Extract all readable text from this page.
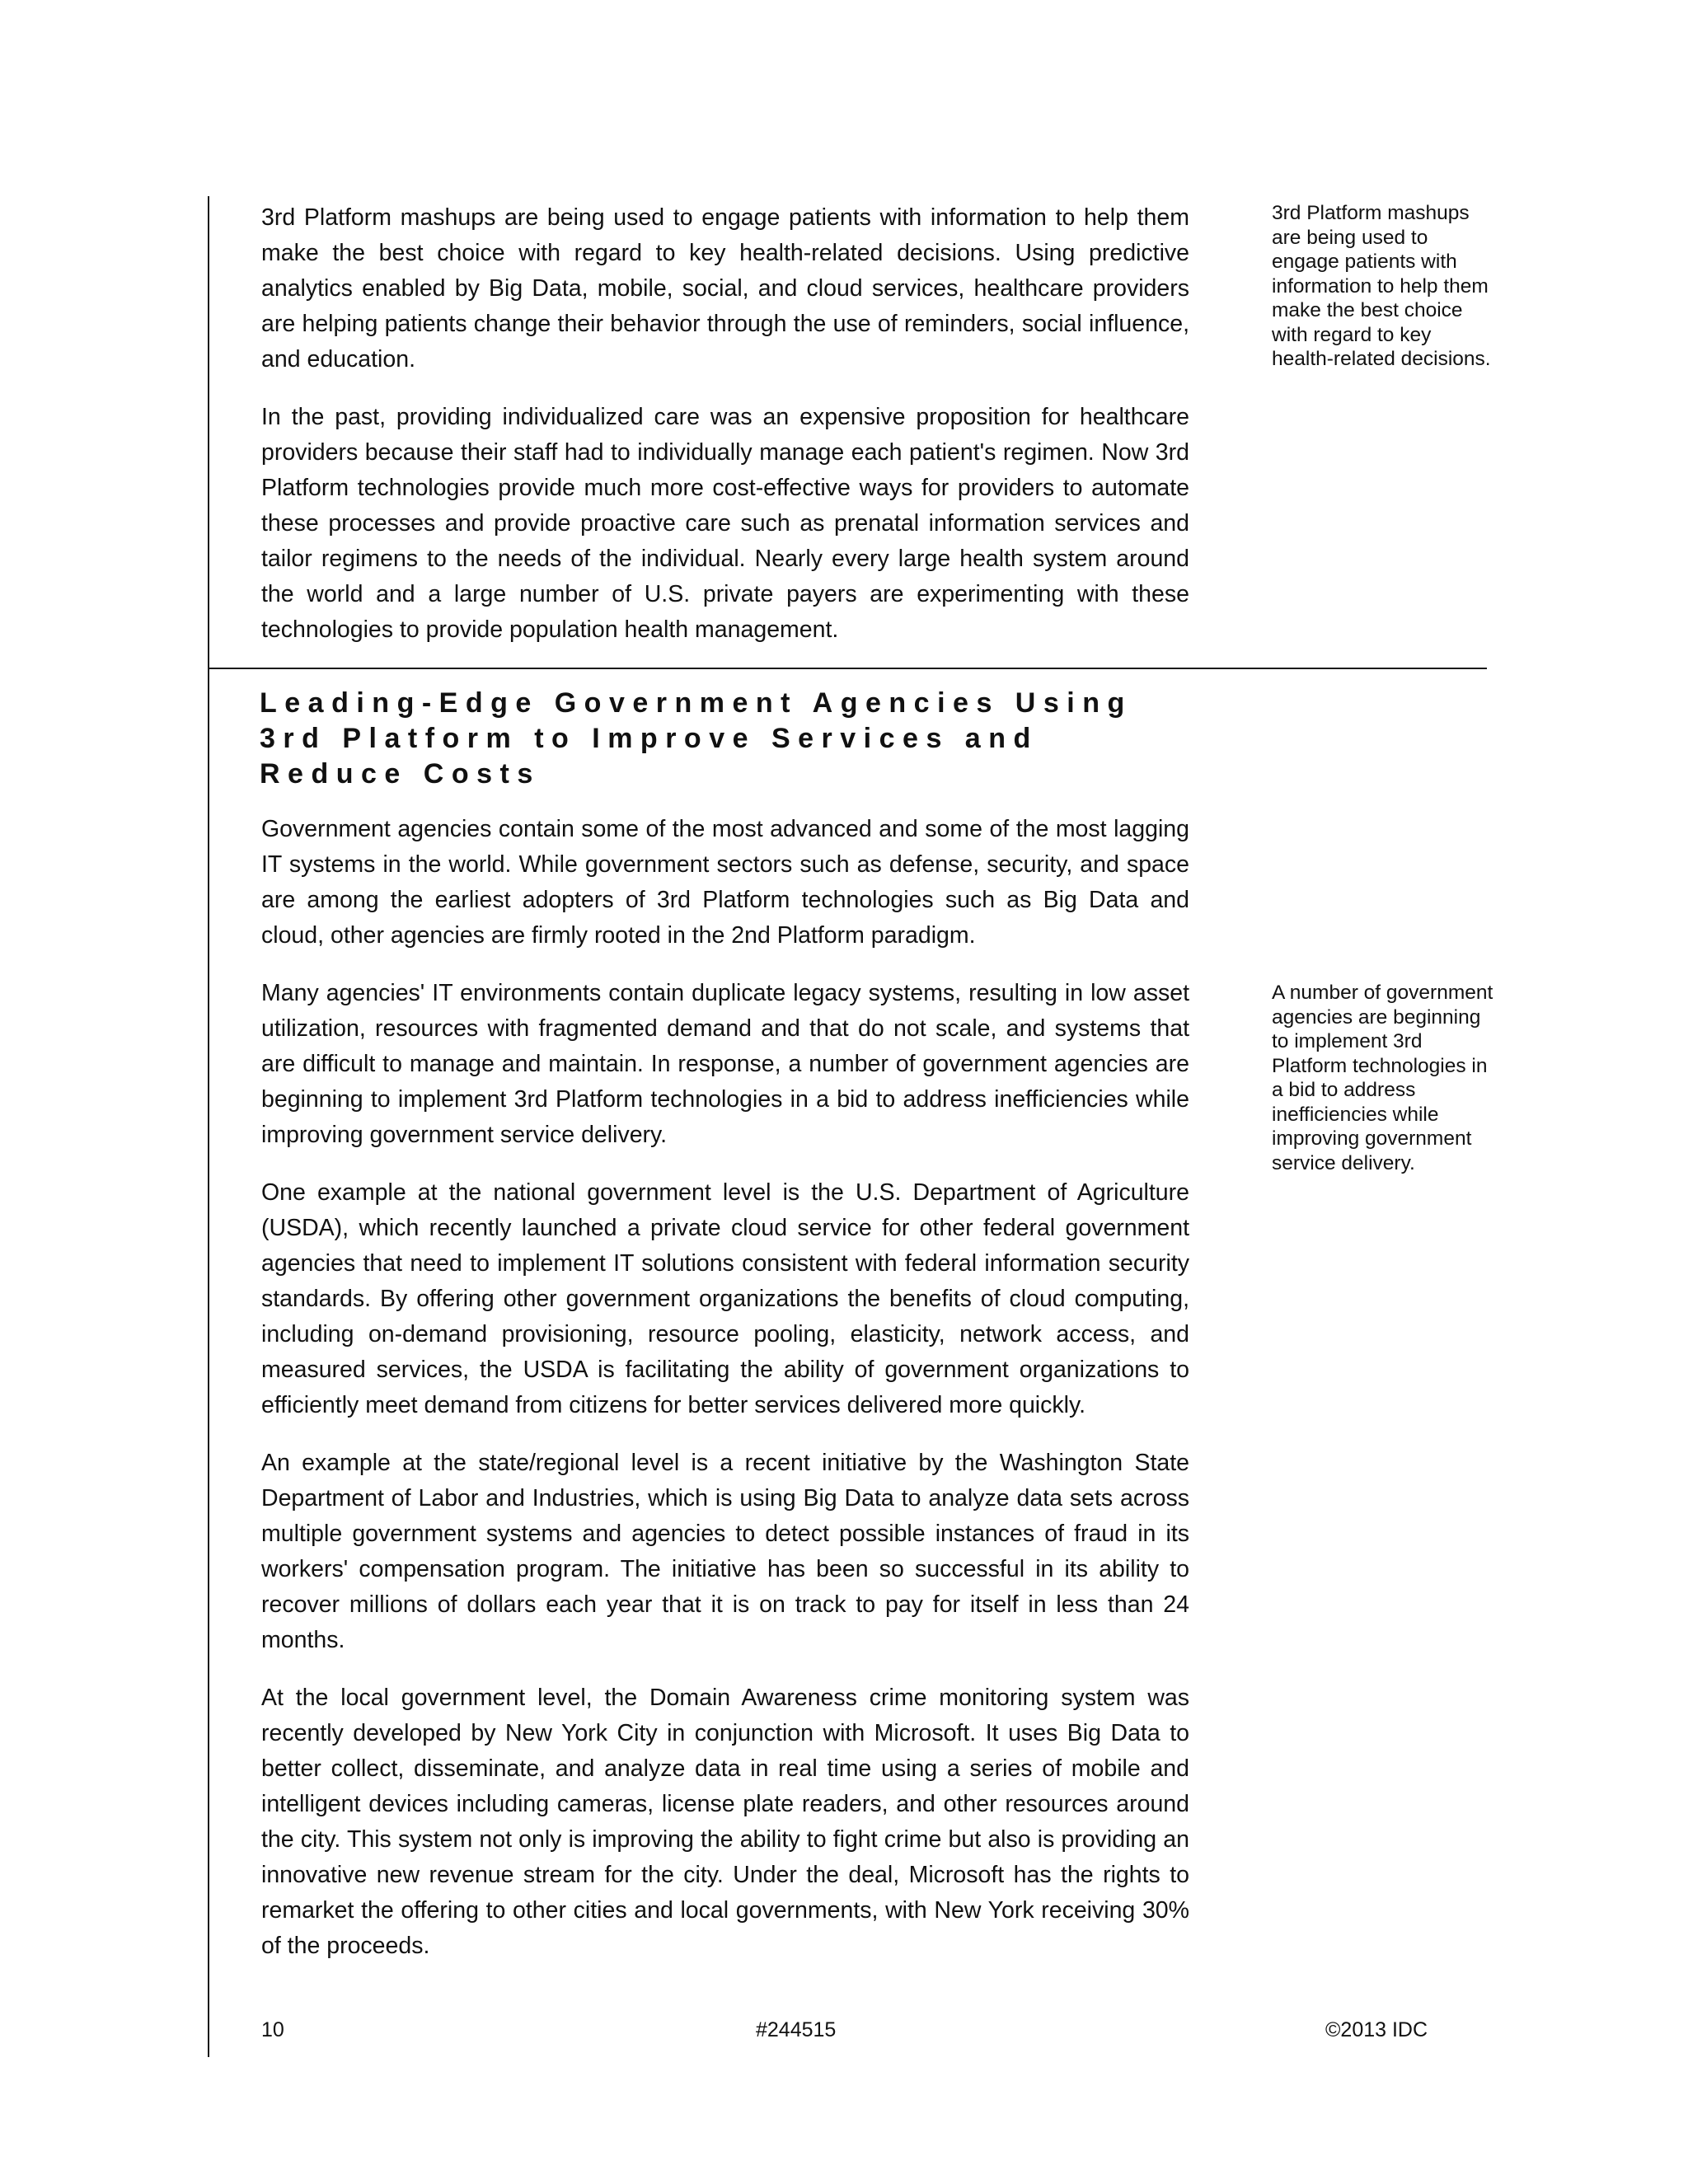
3rd Platform mashups are being used to engage patients with information to help them make the best choice with regard to key health-related decisions. Using predictive analytics enabled by Big Data, mobile, social, and cloud services, healthcare providers are helping patients change their behavior through the use of reminders, social influence, and education.

In the past, providing individualized care was an expensive proposition for healthcare providers because their staff had to individually manage each patient's regimen. Now 3rd Platform technologies provide much more cost-effective ways for providers to automate these processes and provide proactive care such as prenatal information services and tailor regimens to the needs of the individual. Nearly every large health system around the world and a large number of U.S. private payers are experimenting with these technologies to provide population health management.

3rd Platform mashups are being used to engage patients with information to help them make the best choice with regard to key health-related decisions.

Leading-Edge Government Agencies Using
3rd Platform to Improve Services and
Reduce Costs

Government agencies contain some of the most advanced and some of the most lagging IT systems in the world. While government sectors such as defense, security, and space are among the earliest adopters of 3rd Platform technologies such as Big Data and cloud, other agencies are firmly rooted in the 2nd Platform paradigm.

Many agencies' IT environments contain duplicate legacy systems, resulting in low asset utilization, resources with fragmented demand and that do not scale, and systems that are difficult to manage and maintain. In response, a number of government agencies are beginning to implement 3rd Platform technologies in a bid to address inefficiencies while improving government service delivery.

One example at the national government level is the U.S. Department of Agriculture (USDA), which recently launched a private cloud service for other federal government agencies that need to implement IT solutions consistent with federal information security standards. By offering other government organizations the benefits of cloud computing, including on-demand provisioning, resource pooling, elasticity, network access, and measured services, the USDA is facilitating the ability of government organizations to efficiently meet demand from citizens for better services delivered more quickly.

An example at the state/regional level is a recent initiative by the Washington State Department of Labor and Industries, which is using Big Data to analyze data sets across multiple government systems and agencies to detect possible instances of fraud in its workers' compensation program. The initiative has been so successful in its ability to recover millions of dollars each year that it is on track to pay for itself in less than 24 months.

At the local government level, the Domain Awareness crime monitoring system was recently developed by New York City in conjunction with Microsoft. It uses Big Data to better collect, disseminate, and analyze data in real time using a series of mobile and intelligent devices including cameras, license plate readers, and other resources around the city. This system not only is improving the ability to fight crime but also is providing an innovative new revenue stream for the city. Under the deal, Microsoft has the rights to remarket the offering to other cities and local governments, with New York receiving 30% of the proceeds.

A number of government agencies are beginning to implement 3rd Platform technologies in a bid to address inefficiencies while improving government service delivery.

10	#244515	©2013 IDC
